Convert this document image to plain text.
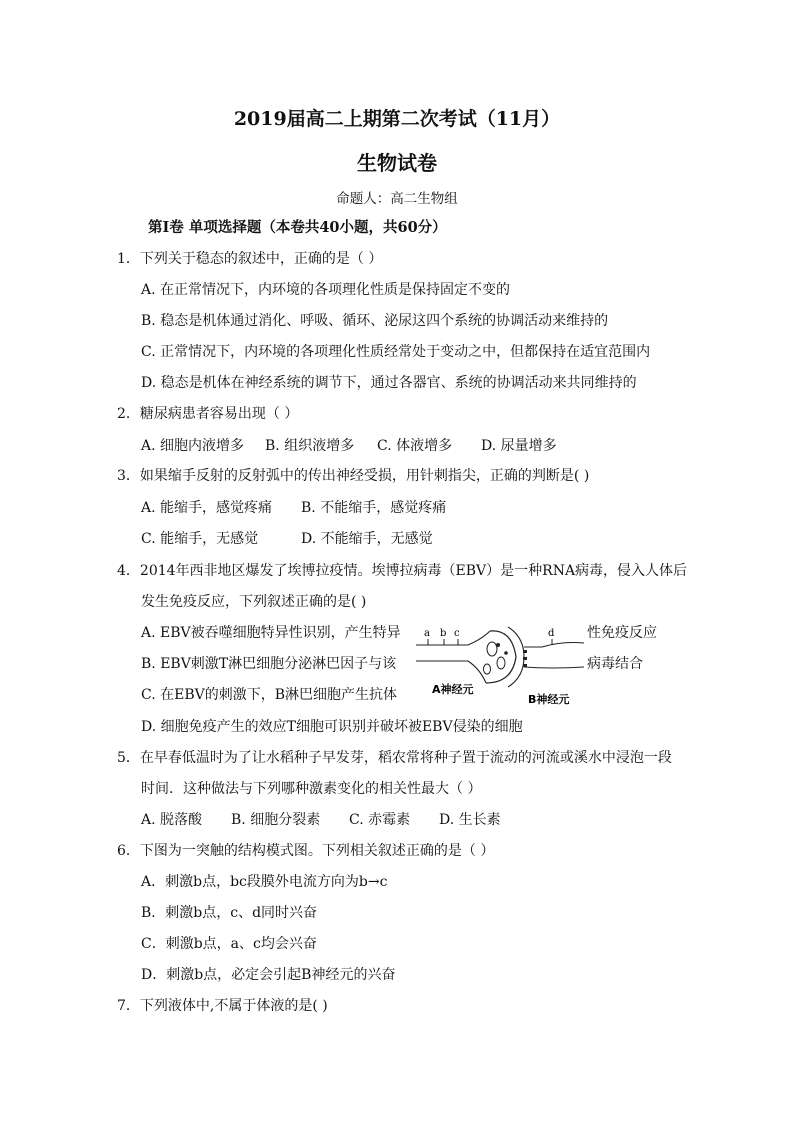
2019届高二上期第二次考试（11月）
生物试卷
命题人：高二生物组
第Ⅰ卷 单项选择题（本卷共40小题，共60分）
1．下列关于稳态的叙述中，正确的是（ ）
A. 在正常情况下，内环境的各项理化性质是保持固定不变的
B. 稳态是机体通过消化、呼吸、循环、泌尿这四个系统的协调活动来维持的
C. 正常情况下，内环境的各项理化性质经常处于变动之中，但都保持在适宜范围内
D. 稳态是机体在神经系统的调节下，通过各器官、系统的协调活动来共同维持的
2．糖尿病患者容易出现（ ）
A. 细胞内液增多 B. 组织液增多 C. 体液增多 D. 尿量增多
3．如果缩手反射的反射弧中的传出神经受损，用针刺指尖，正确的判断是( )
A. 能缩手，感觉疼痛 B. 不能缩手，感觉疼痛
C. 能缩手，无感觉	D. 不能缩手，无感觉
4．2014年西非地区爆发了埃博拉疫情。埃博拉病毒（EBV）是一种RNA病毒，侵入人体后
发生免疫反应，下列叙述正确的是( )
A. EBV被吞噬细胞特异性识别，产生特异	性免疫反应
B. EBV刺激T淋巴细胞分泌淋巴因子与该	病毒结合
C. 在EBV的刺激下，B淋巴细胞产生抗体
D. 细胞免疫产生的效应T细胞可识别并破坏被EBV侵染的细胞
a b c	d
A神经元
B神经元
5．在早春低温时为了让水稻种子早发芽，稻农常将种子置于流动的河流或溪水中浸泡一段
时间．这种做法与下列哪种激素变化的相关性最大（ ）
A. 脱落酸 B. 细胞分裂素 C. 赤霉素 D. 生长素
6．下图为一突触的结构模式图。下列相关叙述正确的是（ ）
A．刺激b点，bc段膜外电流方向为b→c
B．刺激b点，c、d同时兴奋
C．刺激b点，a、c均会兴奋
D．刺激b点，必定会引起B神经元的兴奋
7．下列液体中,不属于体液的是( )
